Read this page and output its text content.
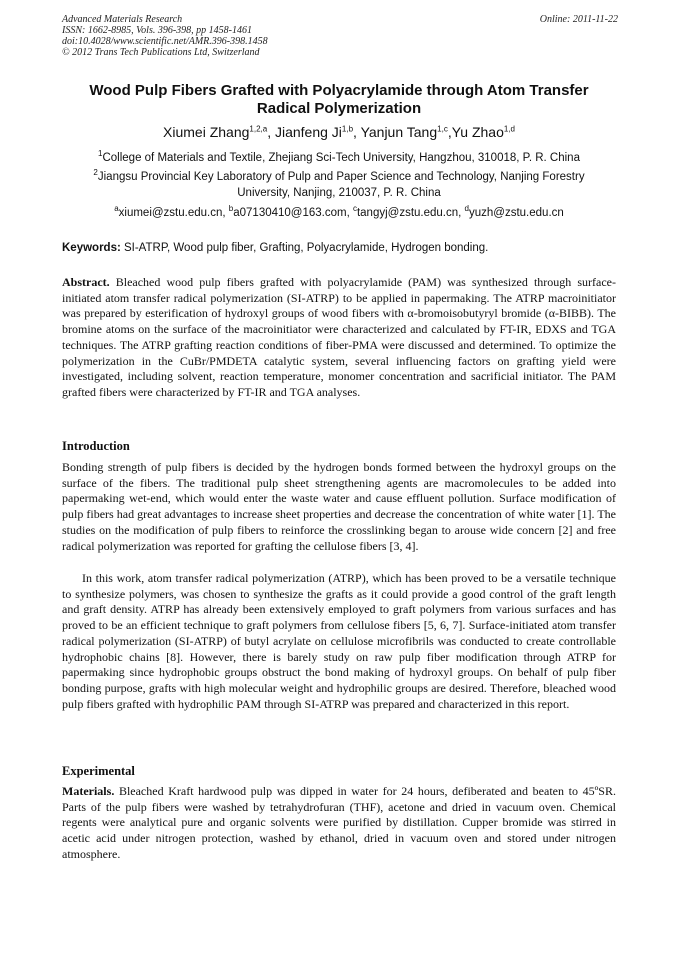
Advanced Materials Research
ISSN: 1662-8985, Vols. 396-398, pp 1458-1461
doi:10.4028/www.scientific.net/AMR.396-398.1458
© 2012 Trans Tech Publications Ltd, Switzerland
Online: 2011-11-22
Wood Pulp Fibers Grafted with Polyacrylamide through Atom Transfer
Radical Polymerization
Xiumei Zhang$^{1,2,a}$, Jianfeng Ji$^{1,b}$, Yanjun Tang$^{1,c}$,Yu Zhao$^{1,d}$
$^1$College of Materials and Textile, Zhejiang Sci-Tech University, Hangzhou, 310018, P. R. China
$^2$Jiangsu Provincial Key Laboratory of Pulp and Paper Science and Technology, Nanjing Forestry
University, Nanjing, 210037, P. R. China
$^a$xiumei@zstu.edu.cn, $^b$a07130410@163.com, $^c$tangyj@zstu.edu.cn, $^d$yuzh@zstu.edu.cn
Keywords: SI-ATRP, Wood pulp fiber, Grafting, Polyacrylamide, Hydrogen bonding.
Abstract. Bleached wood pulp fibers grafted with polyacrylamide (PAM) was synthesized through surface-initiated atom transfer radical polymerization (SI-ATRP) to be applied in papermaking. The ATRP macroinitiator was prepared by esterification of hydroxyl groups of wood fibers with α-bromoisobutyryl bromide (α-BIBB). The bromine atoms on the surface of the macroinitiator were characterized and calculated by FT-IR, EDXS and TGA techniques. The ATRP grafting reaction conditions of fiber-PMA were discussed and determined. To optimize the polymerization in the CuBr/PMDETA catalytic system, several influencing factors on grafting yield were investigated, including solvent, reaction temperature, monomer concentration and sacrificial initiator. The PAM grafted fibers were characterized by FT-IR and TGA analyses.
Introduction
Bonding strength of pulp fibers is decided by the hydrogen bonds formed between the hydroxyl groups on the surface of the fibers. The traditional pulp sheet strengthening agents are macromolecules to be added into papermaking wet-end, which would enter the waste water and cause effluent pollution. Surface modification of pulp fibers had great advantages to increase sheet properties and decrease the concentration of white water [1]. The studies on the modification of pulp fibers to reinforce the crosslinking began to arouse wide concern [2] and free radical polymerization was reported for grafting the cellulose fibers [3, 4].
In this work, atom transfer radical polymerization (ATRP), which has been proved to be a versatile technique to synthesize polymers, was chosen to synthesize the grafts as it could provide a good control of the graft length and graft density. ATRP has already been extensively employed to graft polymers from various surfaces and has proved to be an efficient technique to graft polymers from cellulose fibers [5, 6, 7]. Surface-initiated atom transfer radical polymerization (SI-ATRP) of butyl acrylate on cellulose microfibrils was conducted to create controllable hydrophobic chains [8]. However, there is barely study on raw pulp fiber modification through ATRP for papermaking since hydrophobic groups obstruct the bond making of hydroxyl groups. On behalf of pulp fiber bonding purpose, grafts with high molecular weight and hydrophilic groups are desired. Therefore, bleached wood pulp fibers grafted with hydrophilic PAM through SI-ATRP was prepared and characterized in this report.
Experimental
Materials. Bleached Kraft hardwood pulp was dipped in water for 24 hours, defiberated and beaten to 45ºSR. Parts of the pulp fibers were washed by tetrahydrofuran (THF), acetone and dried in vacuum oven. Chemical regents were analytical pure and organic solvents were purified by distillation. Cupper bromide was stirred in acetic acid under nitrogen protection, washed by ethanol, dried in vacuum oven and stored under nitrogen atmosphere.
